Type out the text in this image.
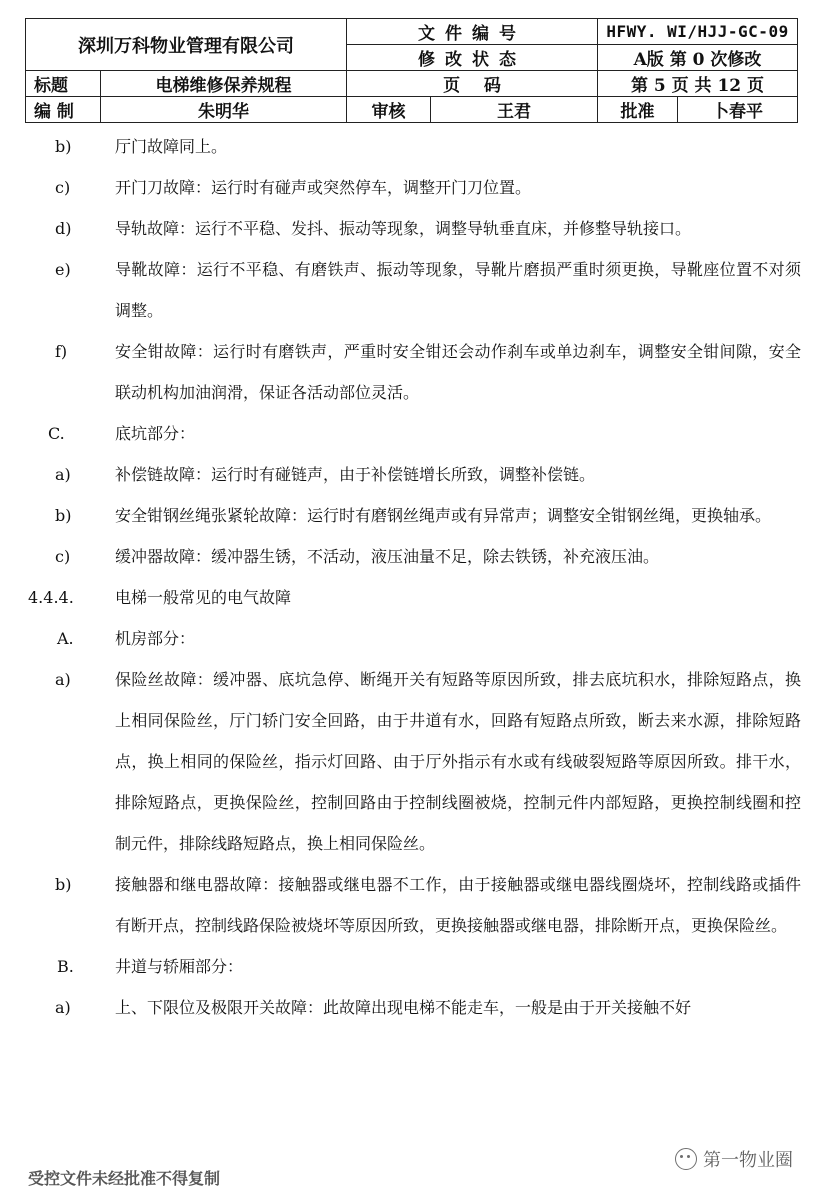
深圳万科物业管理有限公司		文件编号		HFWY. WI/HJJ-GC-09	
		修改状态		A版 第 0 次修改	
标题	电梯维修保养规程	页    码		第 5 页 共 12 页	
编 制	朱明华	审核	王君	批准	卜春平
b)	厅门故障同上。
c)	开门刀故障：运行时有碰声或突然停车，调整开门刀位置。
d)	导轨故障：运行不平稳、发抖、振动等现象，调整导轨垂直床，并修整导轨接口。
e)	导靴故障：运行不平稳、有磨铁声、振动等现象，导靴片磨损严重时须更换，导靴座位置不对须调整。
f)	安全钳故障：运行时有磨铁声，严重时安全钳还会动作刹车或单边刹车，调整安全钳间隙，安全联动机构加油润滑，保证各活动部位灵活。
C.	底坑部分：
a)	补偿链故障：运行时有碰链声，由于补偿链增长所致，调整补偿链。
b)	安全钳钢丝绳张紧轮故障：运行时有磨钢丝绳声或有异常声；调整安全钳钢丝绳，更换轴承。
c)	缓冲器故障：缓冲器生锈，不活动，液压油量不足，除去铁锈，补充液压油。
4.4.4.	电梯一般常见的电气故障
A.	机房部分：
a)	保险丝故障：缓冲器、底坑急停、断绳开关有短路等原因所致，排去底坑积水，排除短路点，换上相同保险丝，厅门轿门安全回路，由于井道有水，回路有短路点所致，断去来水源，排除短路点，换上相同的保险丝，指示灯回路、由于厅外指示有水或有线破裂短路等原因所致。排干水，排除短路点，更换保险丝，控制回路由于控制线圈被烧，控制元件内部短路，更换控制线圈和控制元件，排除线路短路点，换上相同保险丝。
b)	接触器和继电器故障：接触器或继电器不工作，由于接触器或继电器线圈烧坏，控制线路或插件有断开点，控制线路保险被烧坏等原因所致，更换接触器或继电器，排除断开点，更换保险丝。
B.	井道与轿厢部分：
a)	上、下限位及极限开关故障：此故障出现电梯不能走车，一般是由于开关接触不好
受控文件未经批准不得复制
第一物业圈
